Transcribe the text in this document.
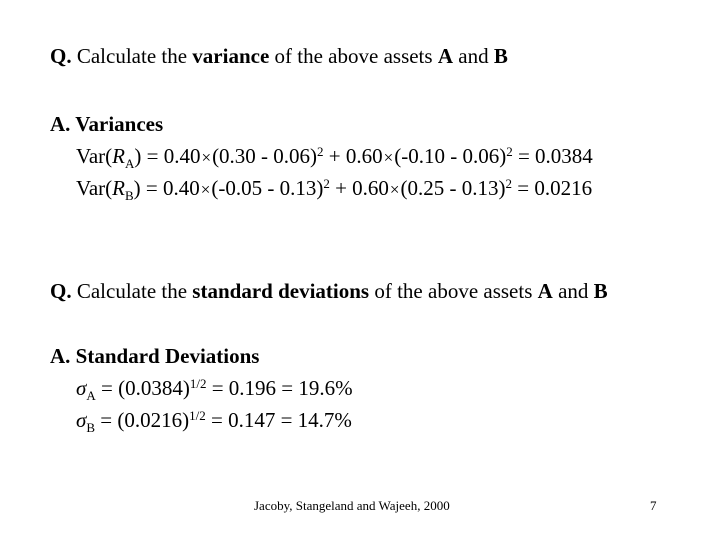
Q. Calculate the variance of the above assets A and B
A. Variances
$Var(R_A) = 0.40\times(0.30 - 0.06)^2 + 0.60\times(-0.10 - 0.06)^2 = 0.0384$
$Var(R_B) = 0.40\times(-0.05 - 0.13)^2 + 0.60\times(0.25 - 0.13)^2 = 0.0216$
Q. Calculate the standard deviations of the above assets A and B
A. Standard Deviations
$\sigma_A = (0.0384)^{1/2} = 0.196 = 19.6\%$
$\sigma_B = (0.0216)^{1/2} = 0.147 = 14.7\%$
Jacoby, Stangeland and Wajeeh, 2000	7
